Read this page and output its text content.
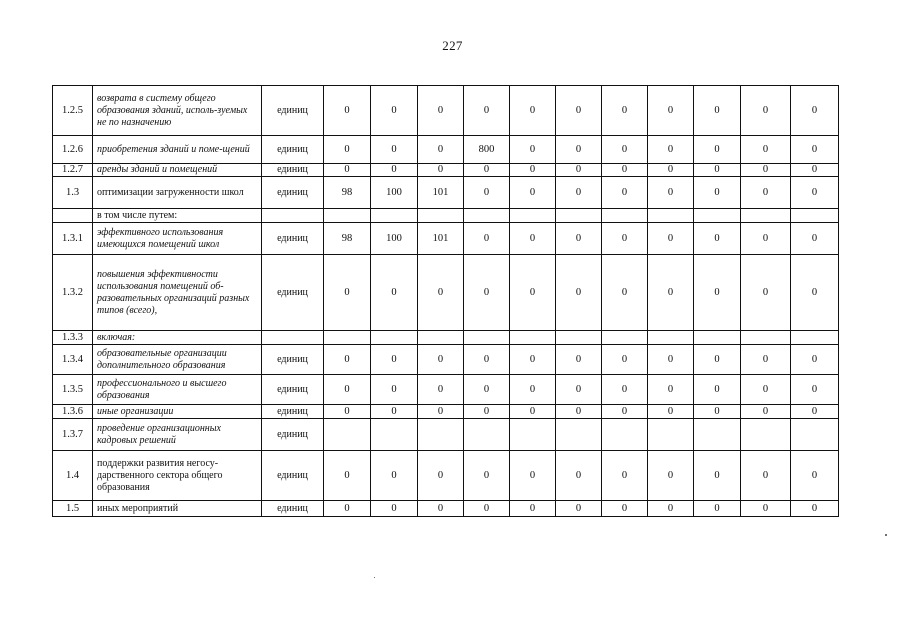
227
1.2.5	возврата в систему общего образования зданий, исполь-зуемых не по назначению	единиц	0	0	0	0	0	0	0	0	0	0	0
1.2.6	приобретения зданий и поме-щений	единиц	0	0	0	800	0	0	0	0	0	0	0
1.2.7	аренды зданий и помещений	единиц	0	0	0	0	0	0	0	0	0	0	0
1.3	оптимизации загруженности школ	единиц	98	100	101	0	0	0	0	0	0	0	0
	в том числе путем:												
1.3.1	эффективного использования имеющихся помещений школ	единиц	98	100	101	0	0	0	0	0	0	0	0
1.3.2	повышения эффективности использования помещений об-разовательных организаций разных типов (всего),	единиц	0	0	0	0	0	0	0	0	0	0	0
1.3.3	включая:												
1.3.4	образовательные организации дополнительного образования	единиц	0	0	0	0	0	0	0	0	0	0	0
1.3.5	профессионального и высшего образования	единиц	0	0	0	0	0	0	0	0	0	0	0
1.3.6	иные организации	единиц	0	0	0	0	0	0	0	0	0	0	0
1.3.7	проведение организационных кадровых решений	единиц											
1.4	поддержки развития негосу-дарственного сектора общего образования	единиц	0	0	0	0	0	0	0	0	0	0	0
1.5	иных мероприятий	единиц	0	0	0	0	0	0	0	0	0	0	0
